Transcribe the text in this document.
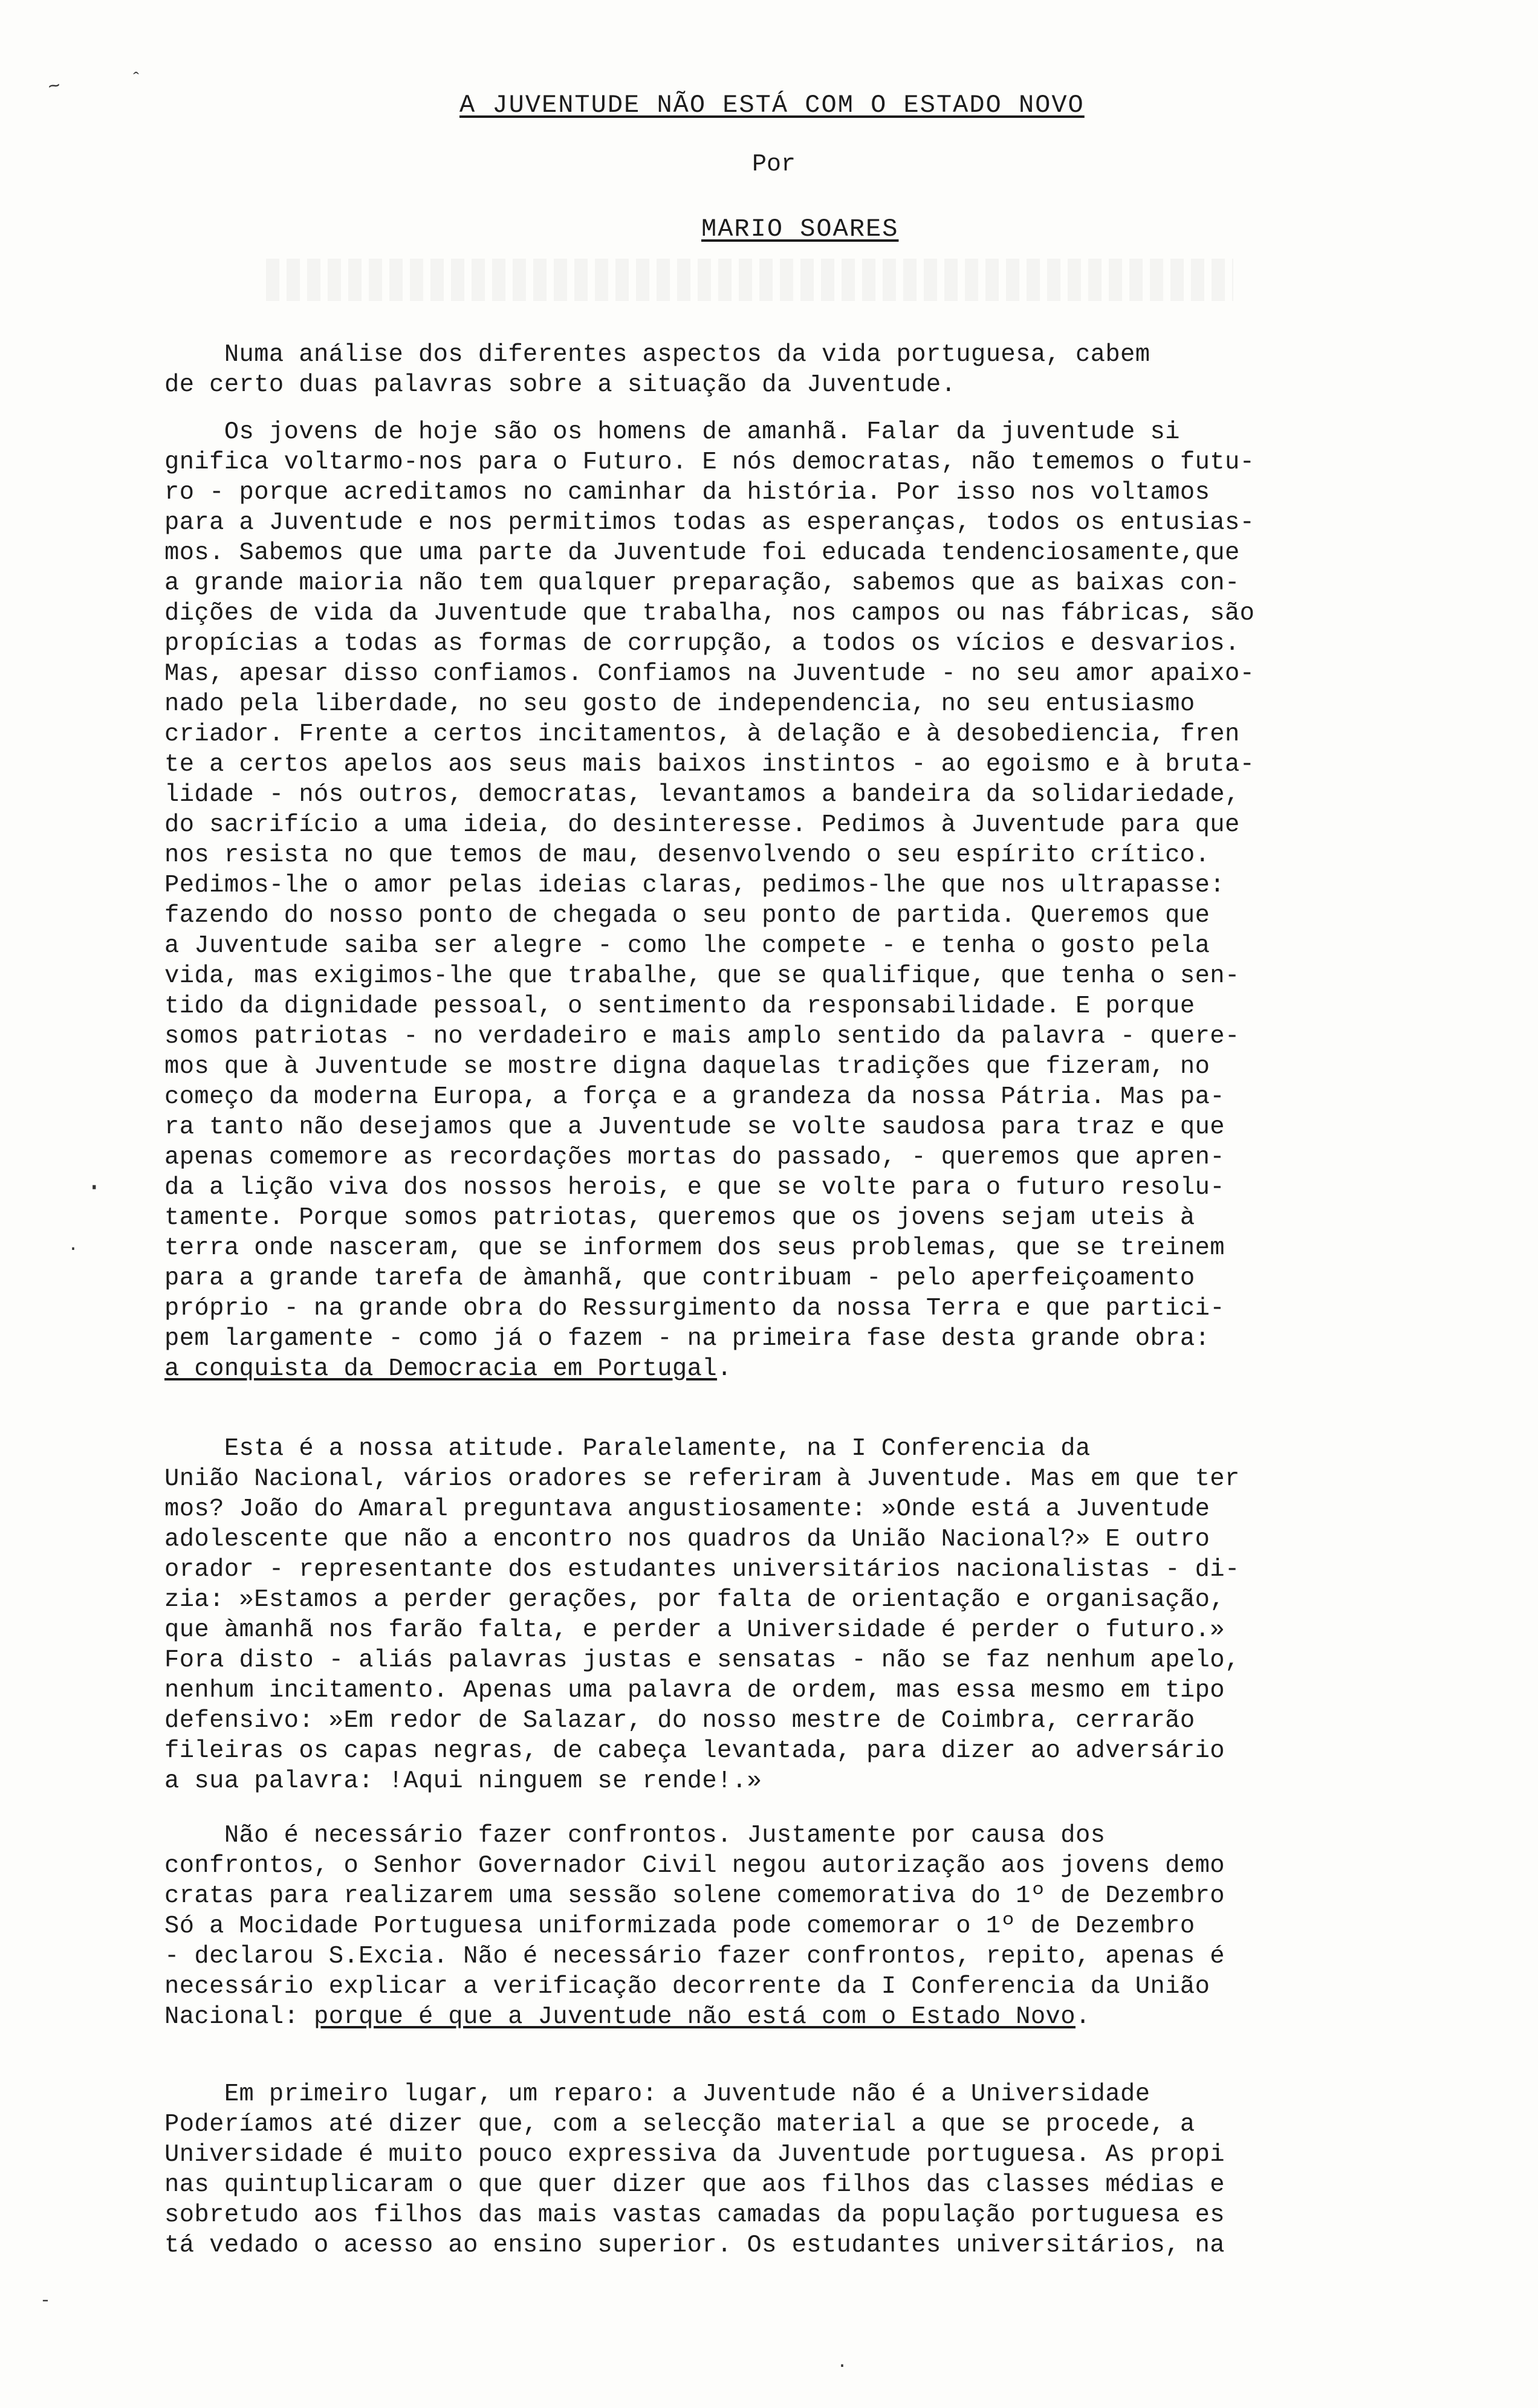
~	ˆ
·
·
-
·
A JUVENTUDE NÃO ESTÁ COM O ESTADO NOVO
Por
MARIO SOARES
Numa análise dos diferentes aspectos da vida portuguesa, cabem
de certo duas palavras sobre a situação da Juventude.
Os jovens de hoje são os homens de amanhã. Falar da juventude si
gnifica voltarmo-nos para o Futuro. E nós democratas, não tememos o futu-
ro - porque acreditamos no caminhar da história. Por isso nos voltamos
para a Juventude e nos permitimos todas as esperanças, todos os entusias-
mos. Sabemos que uma parte da Juventude foi educada tendenciosamente,que
a grande maioria não tem qualquer preparação, sabemos que as baixas con-
dições de vida da Juventude que trabalha, nos campos ou nas fábricas, são
propícias a todas as formas de corrupção, a todos os vícios e desvarios.
Mas, apesar disso confiamos. Confiamos na Juventude - no seu amor apaixo-
nado pela liberdade, no seu gosto de independencia, no seu entusiasmo
criador. Frente a certos incitamentos, à delação e à desobediencia, fren
te a certos apelos aos seus mais baixos instintos - ao egoismo e à bruta-
lidade - nós outros, democratas, levantamos a bandeira da solidariedade,
do sacrifício a uma ideia, do desinteresse. Pedimos à Juventude para que
nos resista no que temos de mau, desenvolvendo o seu espírito crítico.
Pedimos-lhe o amor pelas ideias claras, pedimos-lhe que nos ultrapasse:
fazendo do nosso ponto de chegada o seu ponto de partida. Queremos que
a Juventude saiba ser alegre - como lhe compete - e tenha o gosto pela
vida, mas exigimos-lhe que trabalhe, que se qualifique, que tenha o sen-
tido da dignidade pessoal, o sentimento da responsabilidade. E porque
somos patriotas - no verdadeiro e mais amplo sentido da palavra - quere-
mos que à Juventude se mostre digna daquelas tradições que fizeram, no
começo da moderna Europa, a força e a grandeza da nossa Pátria. Mas pa-
ra tanto não desejamos que a Juventude se volte saudosa para traz e que
apenas comemore as recordações mortas do passado, - queremos que apren-
da a lição viva dos nossos herois, e que se volte para o futuro resolu-
tamente. Porque somos patriotas, queremos que os jovens sejam uteis à
terra onde nasceram, que se informem dos seus problemas, que se treinem
para a grande tarefa de àmanhã, que contribuam - pelo aperfeiçoamento
próprio - na grande obra do Ressurgimento da nossa Terra e que partici-
pem largamente - como já o fazem - na primeira fase desta grande obra:
a conquista da Democracia em Portugal.
Esta é a nossa atitude. Paralelamente, na I Conferencia da
União Nacional, vários oradores se referiram à Juventude. Mas em que ter
mos? João do Amaral preguntava angustiosamente: »Onde está a Juventude
adolescente que não a encontro nos quadros da União Nacional?» E outro
orador - representante dos estudantes universitários nacionalistas - di-
zia: »Estamos a perder gerações, por falta de orientação e organisação,
que àmanhã nos farão falta, e perder a Universidade é perder o futuro.»
Fora disto - aliás palavras justas e sensatas - não se faz nenhum apelo,
nenhum incitamento. Apenas uma palavra de ordem, mas essa mesmo em tipo
defensivo: »Em redor de Salazar, do nosso mestre de Coimbra, cerrarão
fileiras os capas negras, de cabeça levantada, para dizer ao adversário
a sua palavra: !Aqui ninguem se rende!.»
Não é necessário fazer confrontos. Justamente por causa dos
confrontos, o Senhor Governador Civil negou autorização aos jovens demo
cratas para realizarem uma sessão solene comemorativa do 1º de Dezembro
Só a Mocidade Portuguesa uniformizada pode comemorar o 1º de Dezembro
- declarou S.Excia. Não é necessário fazer confrontos, repito, apenas é
necessário explicar a verificação decorrente da I Conferencia da União
Nacional: porque é que a Juventude não está com o Estado Novo.
Em primeiro lugar, um reparo: a Juventude não é a Universidade
Poderíamos até dizer que, com a selecção material a que se procede, a
Universidade é muito pouco expressiva da Juventude portuguesa. As propi
nas quintuplicaram o que quer dizer que aos filhos das classes médias e
sobretudo aos filhos das mais vastas camadas da população portuguesa es
tá vedado o acesso ao ensino superior. Os estudantes universitários, na
